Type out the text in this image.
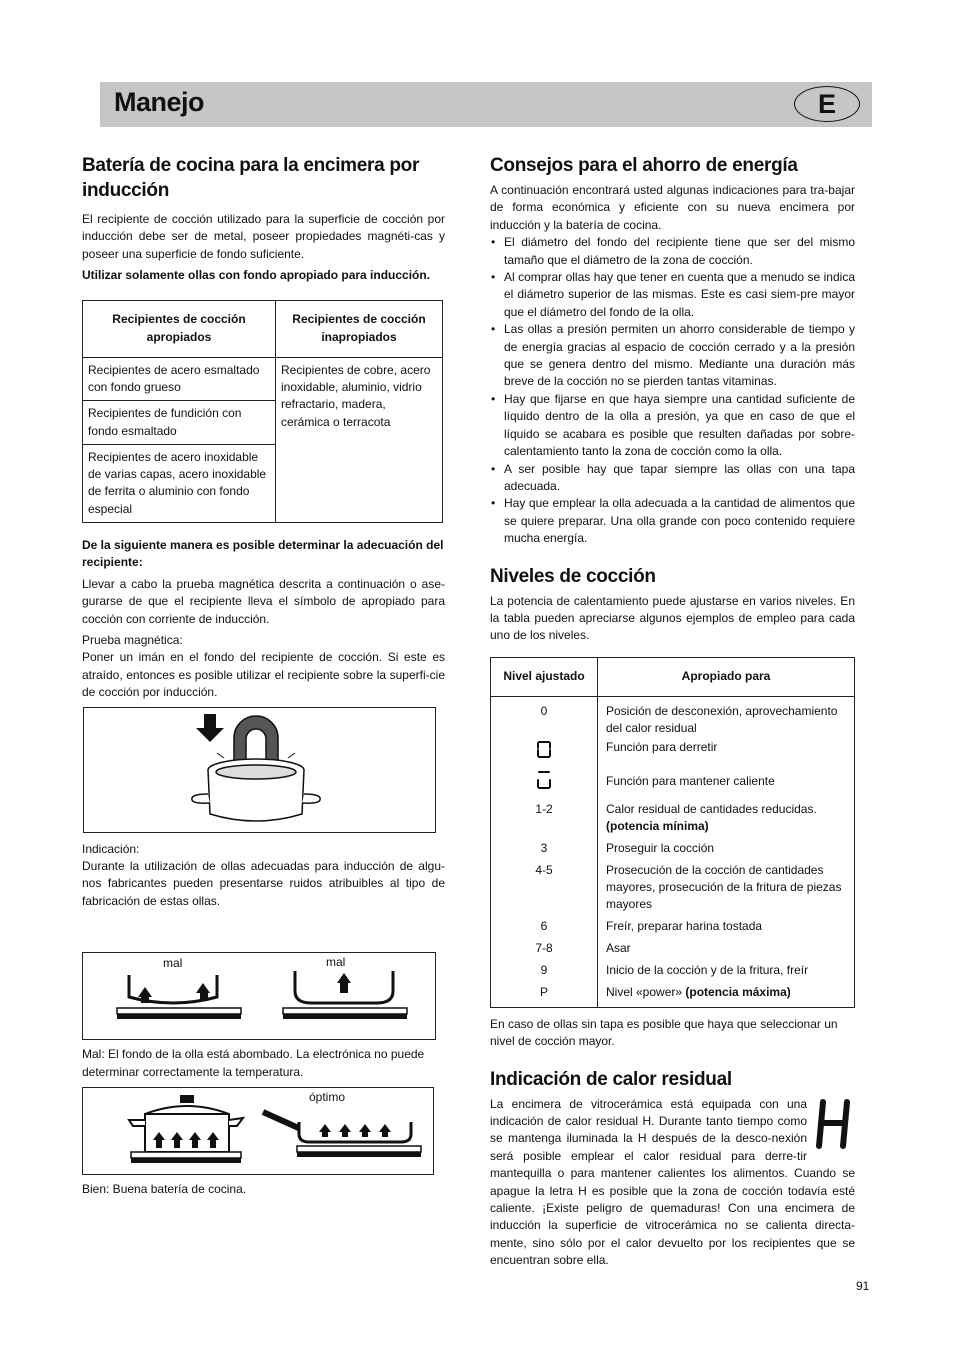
Manejo	E
Batería de cocina para la encimera por inducción

El recipiente de cocción utilizado para la superficie de cocción por inducción debe ser de metal, poseer propiedades magnéti-cas y poseer una superficie de fondo suficiente.

Utilizar solamente ollas con fondo apropiado para inducción.

Recipientes de cocción apropiados	Recipientes de cocción inapropiados
Recipientes de acero esmaltado con fondo grueso	Recipientes de cobre, acero inoxidable, aluminio, vidrio refractario, madera, cerámica o terracota
Recipientes de fundición con fondo esmaltado	
Recipientes de acero inoxidable de varias capas, acero inoxidable de ferrita o aluminio con fondo especial	

De la siguiente manera es posible determinar la adecuación del recipiente:

Llevar a cabo la prueba magnética descrita a continuación o ase-gurarse de que el recipiente lleva el símbolo de apropiado para cocción con corriente de inducción.

Prueba magnética:

Poner un imán en el fondo del recipiente de cocción. Si este es atraído, entonces es posible utilizar el recipiente sobre la superfi-cie de cocción por inducción.

Indicación:

Durante la utilización de ollas adecuadas para inducción de algu-nos fabricantes pueden presentarse ruidos atribuibles al tipo de fabricación de estas ollas.

mal	mal

Mal: El fondo de la olla está abombado. La electrónica no puede determinar correctamente la temperatura.

óptimo

Bien: Buena batería de cocina.

Consejos para el ahorro de energía

A continuación encontrará usted algunas indicaciones para tra-bajar de forma económica y eficiente con su nueva encimera por inducción y la batería de cocina.

• El diámetro del fondo del recipiente tiene que ser del mismo tamaño que el diámetro de la zona de cocción.
• Al comprar ollas hay que tener en cuenta que a menudo se indica el diámetro superior de las mismas. Este es casi siem-pre mayor que el diámetro del fondo de la olla.
• Las ollas a presión permiten un ahorro considerable de tiempo y de energía gracias al espacio de cocción cerrado y a la presión que se genera dentro del mismo. Mediante una duración más breve de la cocción no se pierden tantas vitaminas.
• Hay que fijarse en que haya siempre una cantidad suficiente de líquido dentro de la olla a presión, ya que en caso de que el líquido se acabara es posible que resulten dañadas por sobre-calentamiento tanto la zona de cocción como la olla.
• A ser posible hay que tapar siempre las ollas con una tapa adecuada.
• Hay que emplear la olla adecuada a la cantidad de alimentos que se quiere preparar. Una olla grande con poco contenido requiere mucha energía.
Niveles de cocción

La potencia de calentamiento puede ajustarse en varios niveles. En la tabla pueden apreciarse algunos ejemplos de empleo para cada uno de los niveles.

Nivel ajustado	Apropiado para
0	Posición de desconexión, aprovechamiento del calor residual
	Función para derretir
	Función para mantener caliente
1-2	Calor residual de cantidades reducidas.
(potencia mínima)
3	Proseguir la cocción
4-5	Prosecución de la cocción de cantidades mayores, prosecución de la fritura de piezas mayores
6	Freír, preparar harina tostada
7-8	Asar
9	Inicio de la cocción y de la fritura, freír
P	Nivel «power» (potencia máxima)

En caso de ollas sin tapa es posible que haya que seleccionar un nivel de cocción mayor.

Indicación de calor residual

La encimera de vitrocerámica está equipada con una indicación de calor residual H. Durante tanto tiempo como se mantenga iluminada la H después de la desco-nexión será posible emplear el calor residual para derre-tir mantequilla o para mantener calientes los alimentos. Cuando se apague la letra H es posible que la zona de cocción todavía esté caliente. ¡Existe peligro de quemaduras! Con una encimera de inducción la superficie de vitrocerámica no se calienta directa-mente, sino sólo por el calor devuelto por los recipientes que se encuentran sobre ella.

91
